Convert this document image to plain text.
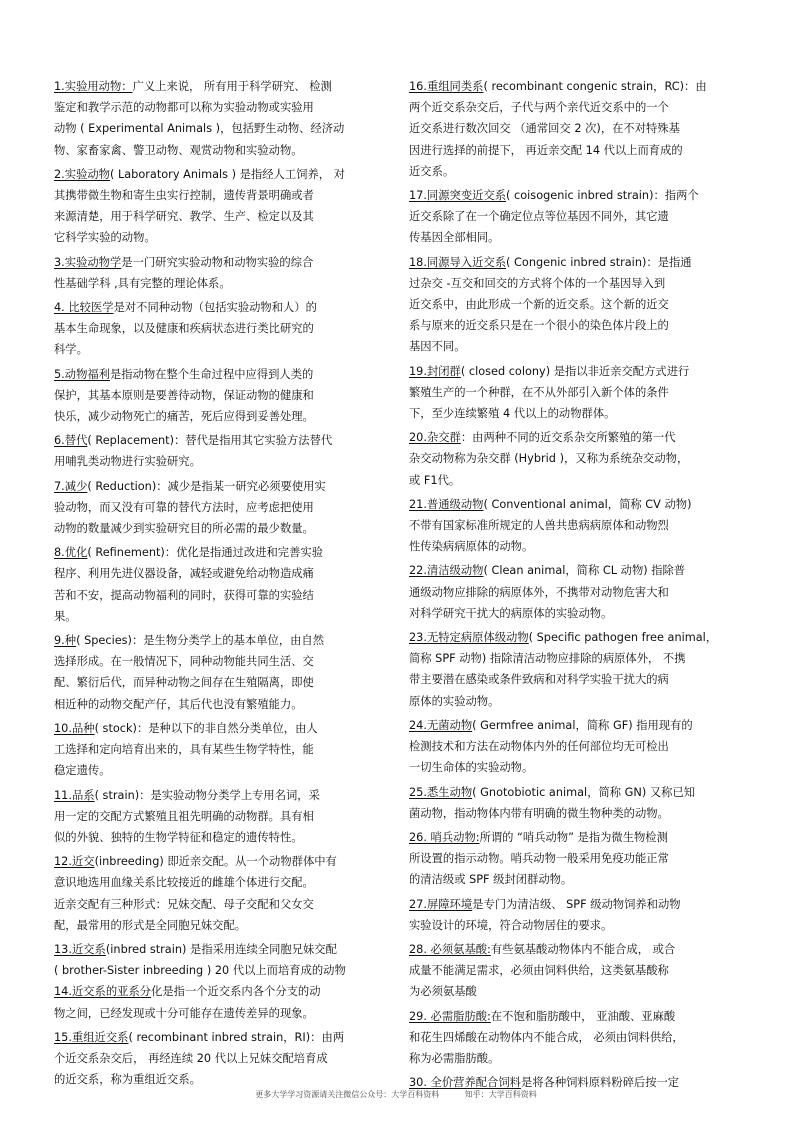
1.实验用动物：广义上来说， 所有用于科学研究、 检测
鉴定和教学示范的动物都可以称为实验动物或实验用
动物 ( Experimental Animals )，包括野生动物、经济动
物、家畜家禽、警卫动物、观赏动物和实验动物。
2.实验动物( Laboratory Animals ) 是指经人工饲养， 对
其携带微生物和寄生虫实行控制，遗传背景明确或者
来源清楚，用于科学研究、教学、生产、检定以及其
它科学实验的动物。
3.实验动物学是一门研究实验动物和动物实验的综合
性基础学科 ,具有完整的理论体系。
4. 比较医学是对不同种动物（包括实验动物和人）的
基本生命现象，以及健康和疾病状态进行类比研究的
科学。
5.动物福利是指动物在整个生命过程中应得到人类的
保护，其基本原则是要善待动物，保证动物的健康和
快乐，减少动物死亡的痛苦，死后应得到妥善处理。
6.替代( Replacement)：替代是指用其它实验方法替代
用哺乳类动物进行实验研究。
7.减少( Reduction)：减少是指某一研究必须要使用实
验动物，而又没有可靠的替代方法时，应考虑把使用
动物的数量减少到实验研究目的所必需的最少数量。
8.优化( Refinement)：优化是指通过改进和完善实验
程序、利用先进仪器设备，减轻或避免给动物造成痛
苦和不安，提高动物福利的同时，获得可靠的实验结
果。
9.种( Species)：是生物分类学上的基本单位，由自然
选择形成。在一般情况下，同种动物能共同生活、交
配、繁衍后代，而异种动物之间存在生殖隔离，即使
相近种的动物交配产仔，其后代也没有繁殖能力。
10.品种( stock)：是种以下的非自然分类单位，由人
工选择和定向培育出来的，具有某些生物学特性，能
稳定遗传。
11.品系( strain)：是实验动物分类学上专用名词，采
用一定的交配方式繁殖且祖先明确的动物群。具有相
似的外貌、独特的生物学特征和稳定的遗传特性。
12.近交(inbreeding) 即近亲交配。从一个动物群体中有
意识地选用血缘关系比较接近的雌雄个体进行交配。
近亲交配有三种形式：兄妹交配、母子交配和父女交
配，最常用的形式是全同胞兄妹交配。
13.近交系(inbred strain) 是指采用连续全同胞兄妹交配
( brother-Sister inbreeding ) 20 代以上而培育成的动物
14.近交系的亚系分化是指一个近交系内各个分支的动
物之间，已经发现或十分可能存在遗传差异的现象。
15.重组近交系( recombinant inbred strain，RI)：由两
个近交系杂交后， 再经连续 20 代以上兄妹交配培育成
的近交系，称为重组近交系。
16.重组同类系( recombinant congenic strain，RC)：由
两个近交系杂交后，子代与两个亲代近交系中的一个
近交系进行数次回交 （通常回交 2 次)，在不对特殊基
因进行选择的前提下， 再近亲交配 14 代以上而育成的
近交系。
17.同源突变近交系( coisogenic inbred strain)：指两个
近交系除了在一个确定位点等位基因不同外，其它遗
传基因全部相同。
18.同源导入近交系( Congenic inbred strain)：是指通
过杂交 -互交和回交的方式将个体的一个基因导入到
近交系中，由此形成一个新的近交系。这个新的近交
系与原来的近交系只是在一个很小的染色体片段上的
基因不同。
19.封闭群( closed colony) 是指以非近亲交配方式进行
繁殖生产的一个种群，在不从外部引入新个体的条件
下，至少连续繁殖 4 代以上的动物群体。
20.杂交群：由两种不同的近交系杂交所繁殖的第一代
杂交动物称为杂交群 (Hybrid )，又称为系统杂交动物，
或 F1代。
21.普通级动物( Conventional animal，简称 CV 动物)
不带有国家标准所规定的人兽共患病病原体和动物烈
性传染病病原体的动物。
22.清洁级动物( Clean animal，简称 CL 动物) 指除普
通级动物应排除的病原体外，不携带对动物危害大和
对科学研究干扰大的病原体的实验动物。
23.无特定病原体级动物( Specific pathogen free animal，
简称 SPF 动物) 指除清洁动物应排除的病原体外， 不携
带主要潜在感染或条件致病和对科学实验干扰大的病
原体的实验动物。
24.无菌动物( Germfree animal，简称 GF) 指用现有的
检测技术和方法在动物体内外的任何部位均无可检出
一切生命体的实验动物。
25.悉生动物( Gnotobiotic animal，简称 GN) 又称已知
菌动物，指动物体内带有明确的微生物种类的动物。
26. 哨兵动物:所谓的 “哨兵动物” 是指为微生物检测
所设置的指示动物。哨兵动物一般采用免疫功能正常
的清洁级或 SPF 级封闭群动物。
27.屏障环境是专门为清洁级、 SPF 级动物饲养和动物
实验设计的环境，符合动物居住的要求。
28. 必须氨基酸:有些氨基酸动物体内不能合成， 或合
成量不能满足需求，必须由饲料供给，这类氨基酸称
为必须氨基酸
29. 必需脂肪酸:在不饱和脂肪酸中， 亚油酸、亚麻酸
和花生四烯酸在动物体内不能合成， 必须由饲料供给，
称为必需脂肪酸。
30. 全价营养配合饲料是将各种饲料原料粉碎后按一定
更多大学学习资源请关注微信公众号：大学百科资料          知乎：大学百科资料
